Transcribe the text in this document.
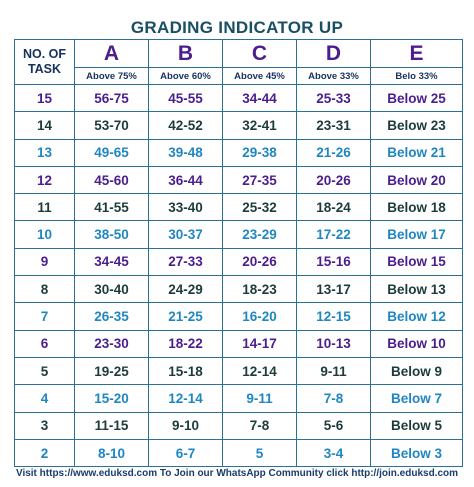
GRADING INDICATOR UP
NO. OF TASK	A	B	C	D	E
	Above 75%	Above 60%	Above 45%	Above 33%	Belo 33%
15	56-75	45-55	34-44	25-33	Below 25
14	53-70	42-52	32-41	23-31	Below 23
13	49-65	39-48	29-38	21-26	Below 21
12	45-60	36-44	27-35	20-26	Below 20
11	41-55	33-40	25-32	18-24	Below 18
10	38-50	30-37	23-29	17-22	Below 17
9	34-45	27-33	20-26	15-16	Below 15
8	30-40	24-29	18-23	13-17	Below 13
7	26-35	21-25	16-20	12-15	Below 12
6	23-30	18-22	14-17	10-13	Below 10
5	19-25	15-18	12-14	9-11	Below 9
4	15-20	12-14	9-11	7-8	Below 7
3	11-15	9-10	7-8	5-6	Below 5
2	8-10	6-7	5	3-4	Below 3
Visit https://www.eduksd.com To Join our WhatsApp Community click http://join.eduksd.com
